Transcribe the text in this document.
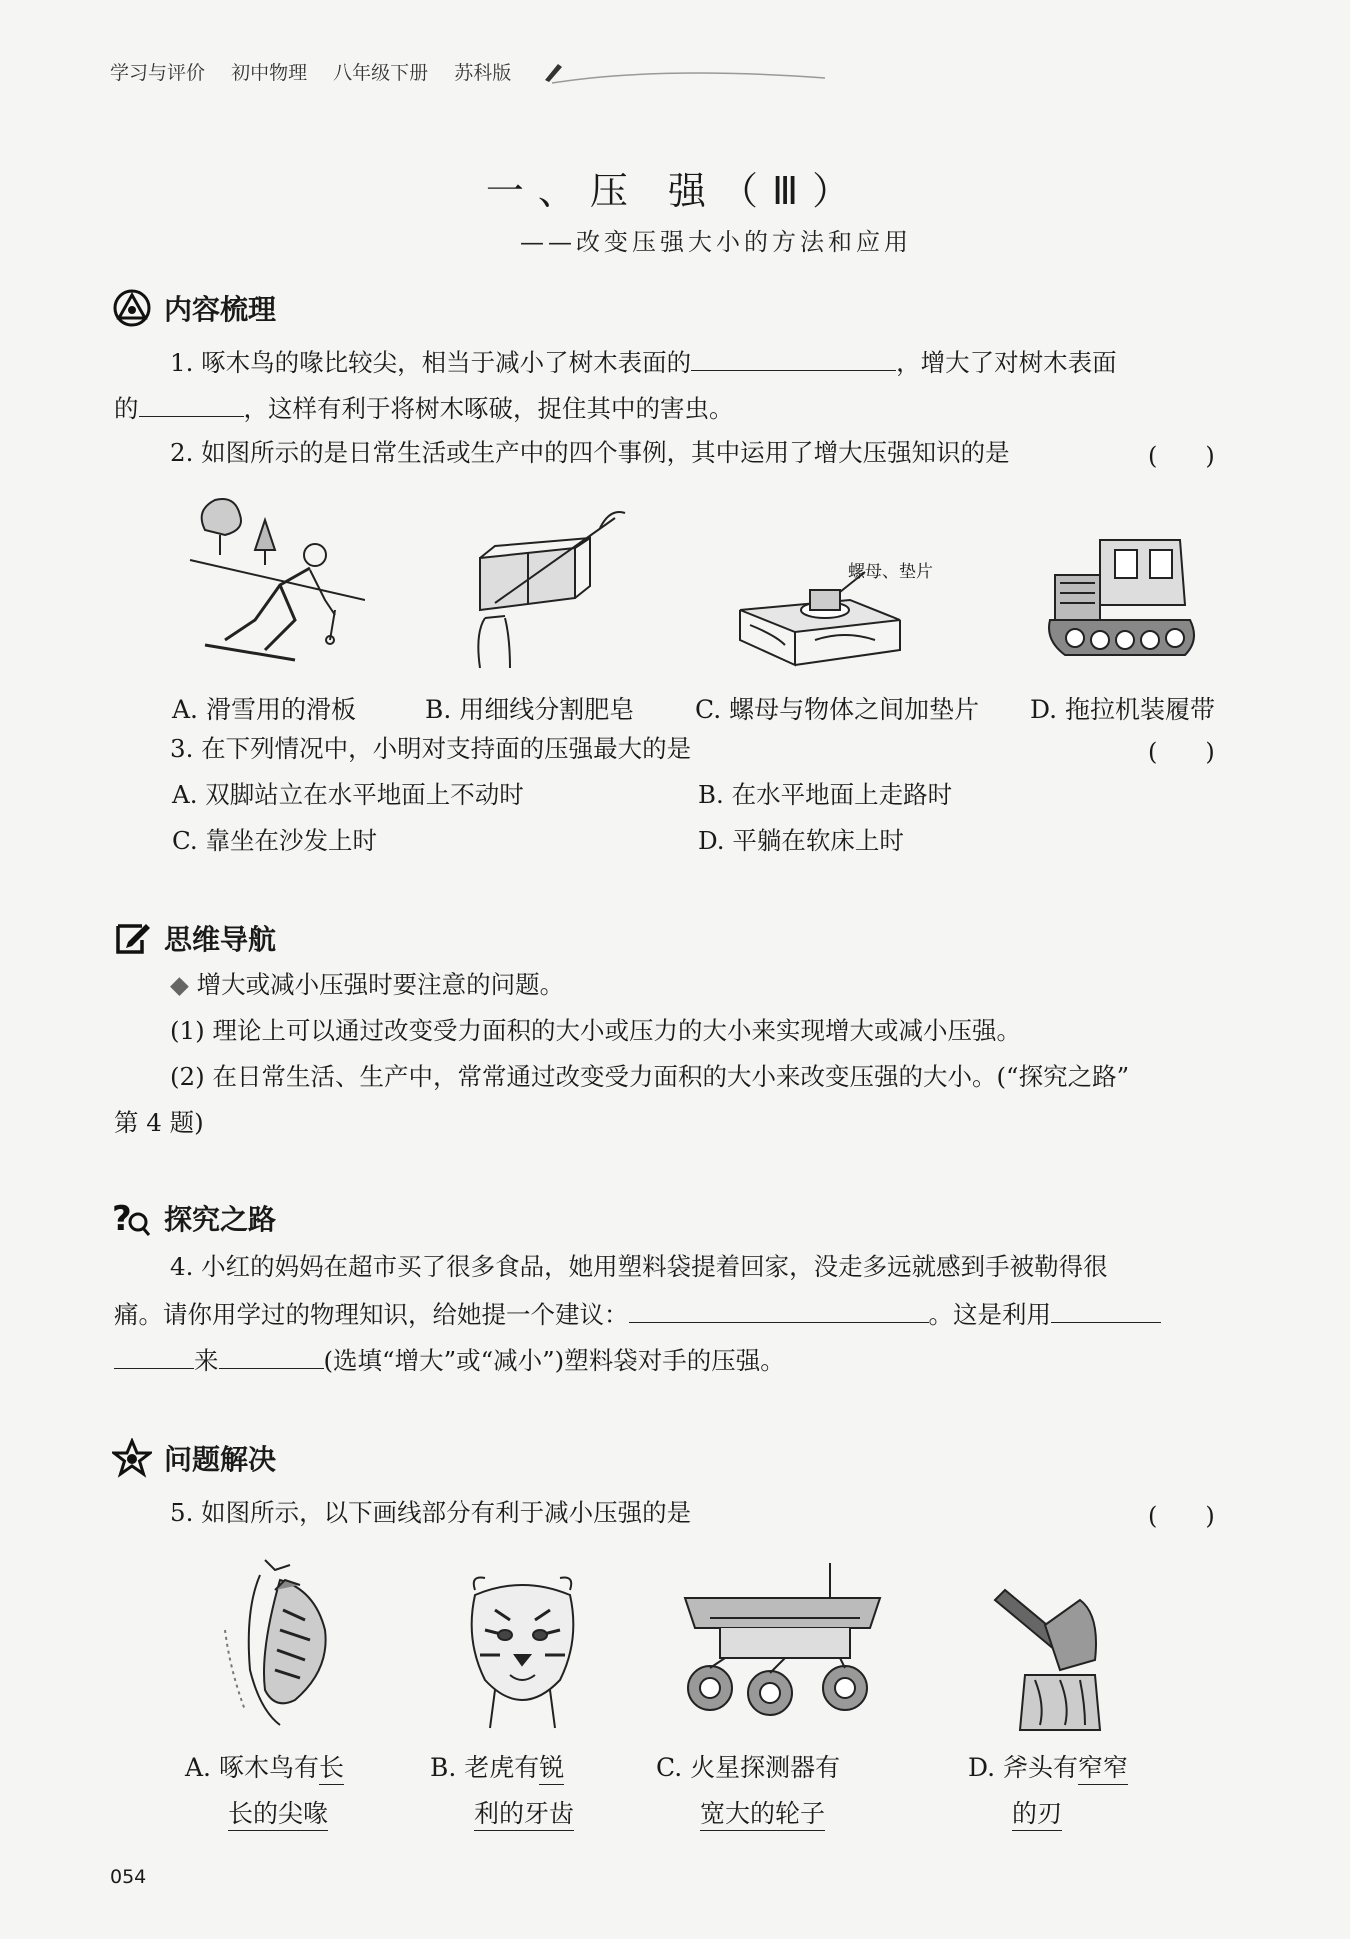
学习与评价 初中物理 八年级下册 苏科版
一、压 强（Ⅲ）
——改变压强大小的方法和应用
内容梳理
1. 啄木鸟的喙比较尖，相当于减小了树木表面的	，增大了对树木表面
的	，这样有利于将树木啄破，捉住其中的害虫。
2. 如图所示的是日常生活或生产中的四个事例，其中运用了增大压强知识的是	(　　)
螺母、垫片
A. 滑雪用的滑板	B. 用细线分割肥皂 C. 螺母与物体之间加垫片 D. 拖拉机装履带
3. 在下列情况中，小明对支持面的压强最大的是	(　　)
A. 双脚站立在水平地面上不动时	B. 在水平地面上走路时
C. 靠坐在沙发上时	D. 平躺在软床上时
思维导航
◆ 增大或减小压强时要注意的问题。
(1) 理论上可以通过改变受力面积的大小或压力的大小来实现增大或减小压强。
(2) 在日常生活、生产中，常常通过改变受力面积的大小来改变压强的大小。(“探究之路”
第 4 题)
? 探究之路
4. 小红的妈妈在超市买了很多食品，她用塑料袋提着回家，没走多远就感到手被勒得很
痛。请你用学过的物理知识，给她提一个建议：	。这是利用
来	(选填“增大”或“减小”)塑料袋对手的压强。
问题解决
5. 如图所示，以下画线部分有利于减小压强的是	(　　)
A. 啄木鸟有长
长的尖喙
B. 老虎有锐
利的牙齿
C. 火星探测器有
宽大的轮子
D. 斧头有窄窄
的刃
054
